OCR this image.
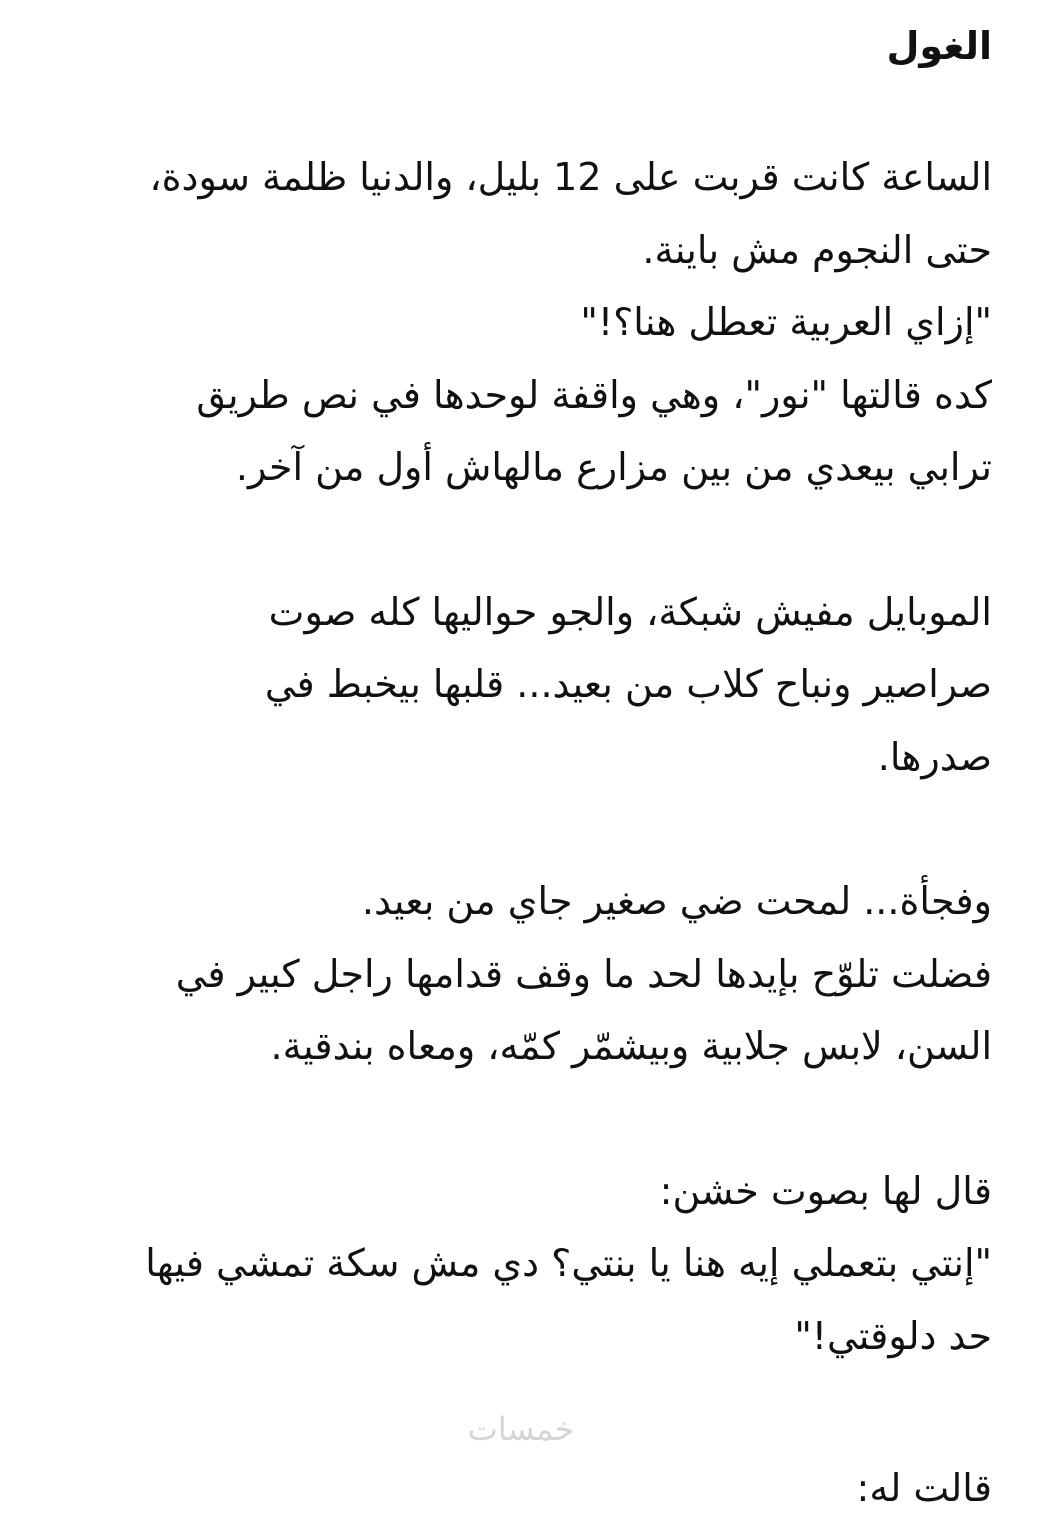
الغول

الساعة كانت قربت على 12 بليل، والدنيا ظلمة سودة،
حتى النجوم مش باينة.
"إزاي العربية تعطل هنا؟!"
كده قالتها "نور"، وهي واقفة لوحدها في نص طريق
ترابي بيعدي من بين مزارع مالهاش أول من آخر.

الموبايل مفيش شبكة، والجو حواليها كله صوت
صراصير ونباح كلاب من بعيد... قلبها بيخبط في
صدرها.

وفجأة... لمحت ضي صغير جاي من بعيد.
فضلت تلوّح بإيدها لحد ما وقف قدامها راجل كبير في
السن، لابس جلابية وبيشمّر كمّه، ومعاه بندقية.

قال لها بصوت خشن:
"إنتي بتعملي إيه هنا يا بنتي؟ دي مش سكة تمشي فيها
حد دلوقتي!"

خمسات
قالت له:
